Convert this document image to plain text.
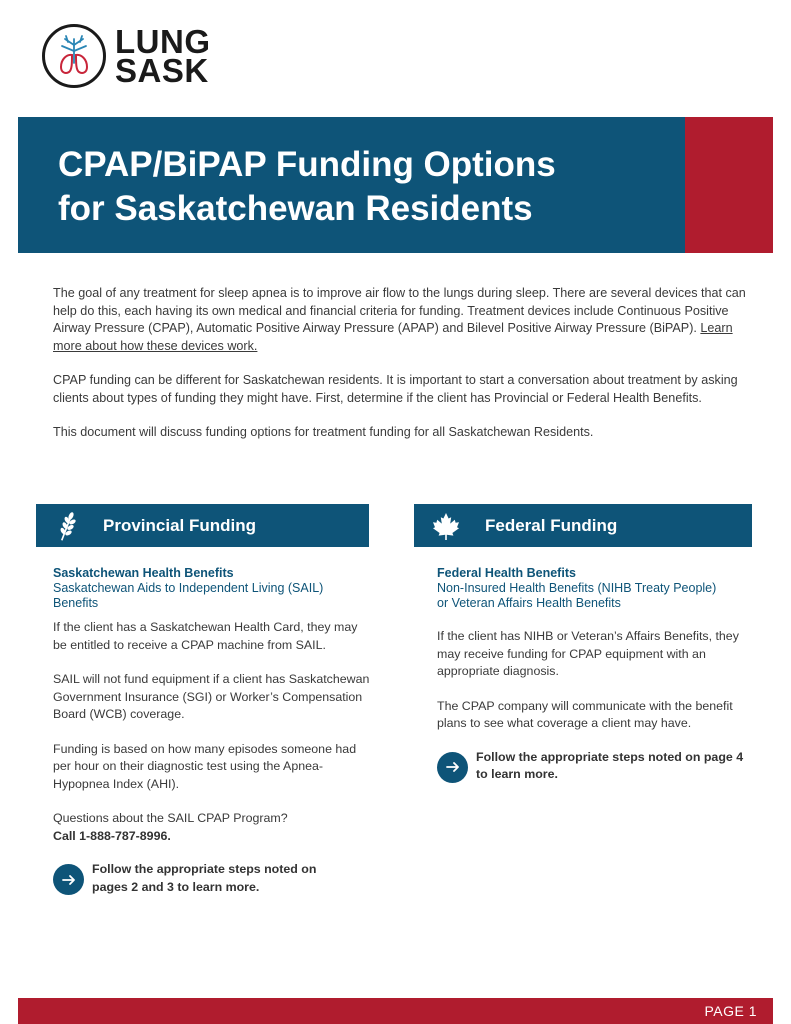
LUNG
SASK
CPAP/BiPAP Funding Options
for Saskatchewan Residents

The goal of any treatment for sleep apnea is to improve air flow to the lungs during sleep. There are several devices that can help do this, each having its own medical and financial criteria for funding. Treatment devices include Continuous Positive Airway Pressure (CPAP), Automatic Positive Airway Pressure (APAP) and Bilevel Positive Airway Pressure (BiPAP). Learn more about how these devices work.

CPAP funding can be different for Saskatchewan residents. It is important to start a conversation about treatment by asking clients about types of funding they might have. First, determine if the client has Provincial or Federal Health Benefits.

This document will discuss funding options for treatment funding for all Saskatchewan Residents.

Provincial Funding	Federal Funding
Saskatchewan Health Benefits
Saskatchewan Aids to Independent Living (SAIL) Benefits

If the client has a Saskatchewan Health Card, they may be entitled to receive a CPAP machine from SAIL.

SAIL will not fund equipment if a client has Saskatchewan Government Insurance (SGI) or Worker’s Compensation Board (WCB) coverage.

Funding is based on how many episodes someone had per hour on their diagnostic test using the Apnea-Hypopnea Index (AHI).

Questions about the SAIL CPAP Program?

Call 1-888-787-8996.

Follow the appropriate steps noted on pages 2 and 3 to learn more.
Federal Health Benefits
Non-Insured Health Benefits (NIHB Treaty People) or Veteran Affairs Health Benefits

If the client has NIHB or Veteran’s Affairs Benefits, they may receive funding for CPAP equipment with an appropriate diagnosis.

The CPAP company will communicate with the benefit plans to see what coverage a client may have.

Follow the appropriate steps noted on page 4 to learn more.
PAGE 1
